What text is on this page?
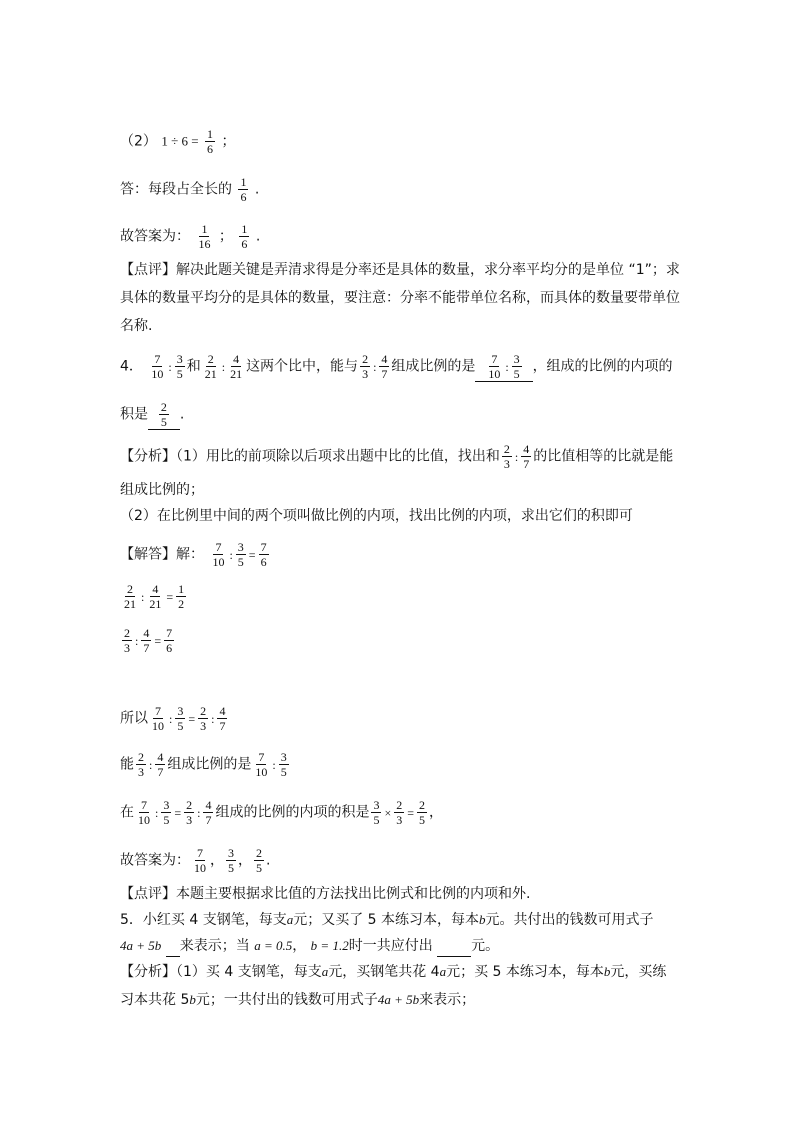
（2） $1 \div 6 = \frac{1}{6}$ ；
答：每段占全长的 $\frac{1}{6}$ .
故答案为： $\frac{1}{16}$ ； $\frac{1}{6}$ .
【点评】解决此题关键是弄清求得是分率还是具体的数量，求分率平均分的是单位 “1”；求
具体的数量平均分的是具体的数量，要注意：分率不能带单位名称，而具体的数量要带单位
名称.
4． $\frac{7}{10}$ : $\frac{3}{5}$ 和 $\frac{2}{21}$ : $\frac{4}{21}$ 这两个比中，能与 $\frac{2}{3}$ : $\frac{4}{7}$ 组成比例的是 $\frac{7}{10}$ : $\frac{3}{5}$ ，组成的比例的内项的
积是 $\frac{2}{5}$ .
【分析】（1）用比的前项除以后项求出题中比的比值，找出和 $\frac{2}{3}$ : $\frac{4}{7}$ 的比值相等的比就是能
组成比例的；
（2）在比例里中间的两个项叫做比例的内项，找出比例的内项，求出它们的积即可
【解答】解： $\frac{7}{10}$ : $\frac{3}{5} = \frac{7}{6}$
$\frac{2}{21}$ : $\frac{4}{21} = \frac{1}{2}$
$\frac{2}{3}$ : $\frac{4}{7} = \frac{7}{6}$
所以 $\frac{7}{10}$ : $\frac{3}{5} = \frac{2}{3}$ : $\frac{4}{7}$
能 $\frac{2}{3}$ : $\frac{4}{7}$ 组成比例的是 $\frac{7}{10}$ : $\frac{3}{5}$
在 $\frac{7}{10}$ : $\frac{3}{5} = \frac{2}{3}$ : $\frac{4}{7}$ 组成的比例的内项的积是 $\frac{3}{5} \times \frac{2}{3} = \frac{2}{5}$ ，
故答案为： $\frac{7}{10}$ ， $\frac{3}{5}$ ， $\frac{2}{5}$ .
【点评】本题主要根据求比值的方法找出比例式和比例的内项和外.
5．小红买 4 支钢笔，每支a元；又买了 5 本练习本，每本b元。共付出的钱数可用式子
4a + 5b 来表示；当 a = 0.5， b = 1.2时一共应付出	元。
【分析】（1）买 4 支钢笔，每支a元，买钢笔共花 4a元；买 5 本练习本，每本b元，买练
习本共花 5b元；一共付出的钱数可用式子4a + 5b来表示；
